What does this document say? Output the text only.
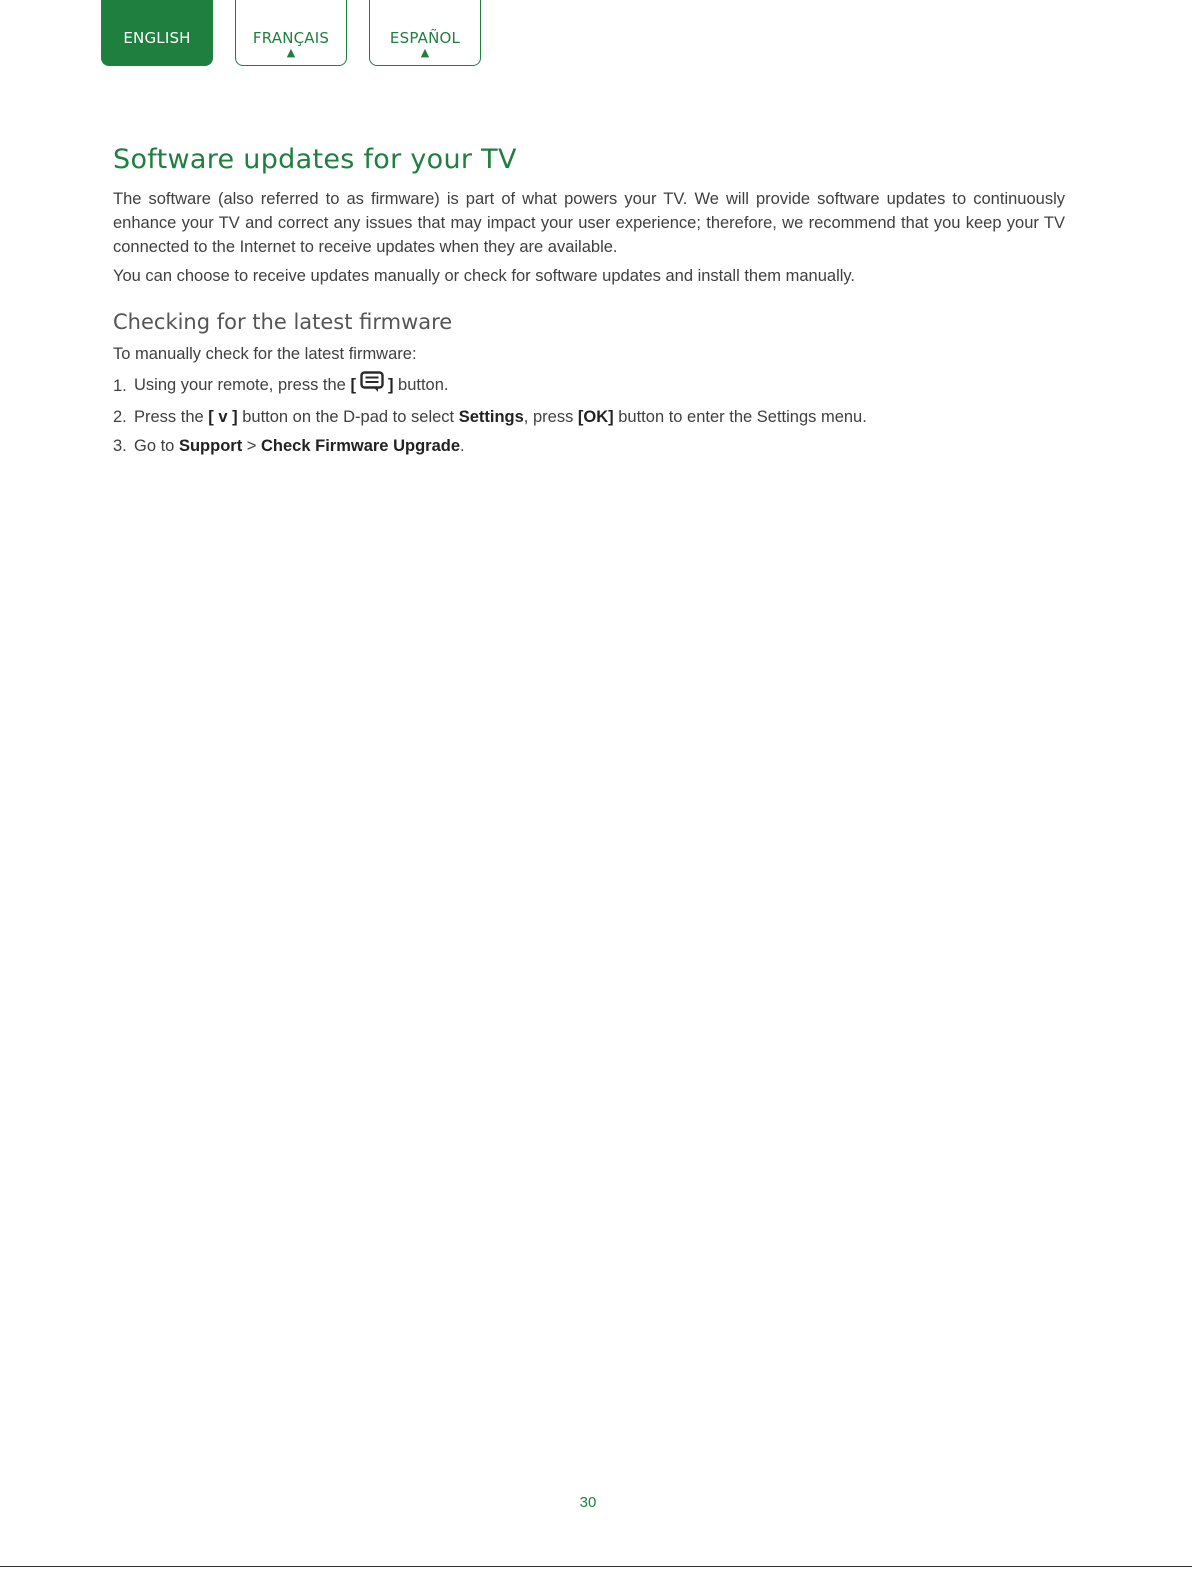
ENGLISH	FRANÇAIS
▲
ESPAÑOL
▲
Software updates for your TV

The software (also referred to as firmware) is part of what powers your TV. We will provide software updates to continuously enhance your TV and correct any issues that may impact your user experience; therefore, we recommend that you keep your TV connected to the Internet to receive updates when they are available.

You can choose to receive updates manually or check for software updates and install them manually.

Checking for the latest firmware

To manually check for the latest firmware:

1. Using your remote, press the [ ] button.
2. Press the [ v ] button on the D-pad to select Settings, press [OK] button to enter the Settings menu.
3. Go to Support > Check Firmware Upgrade.
30
